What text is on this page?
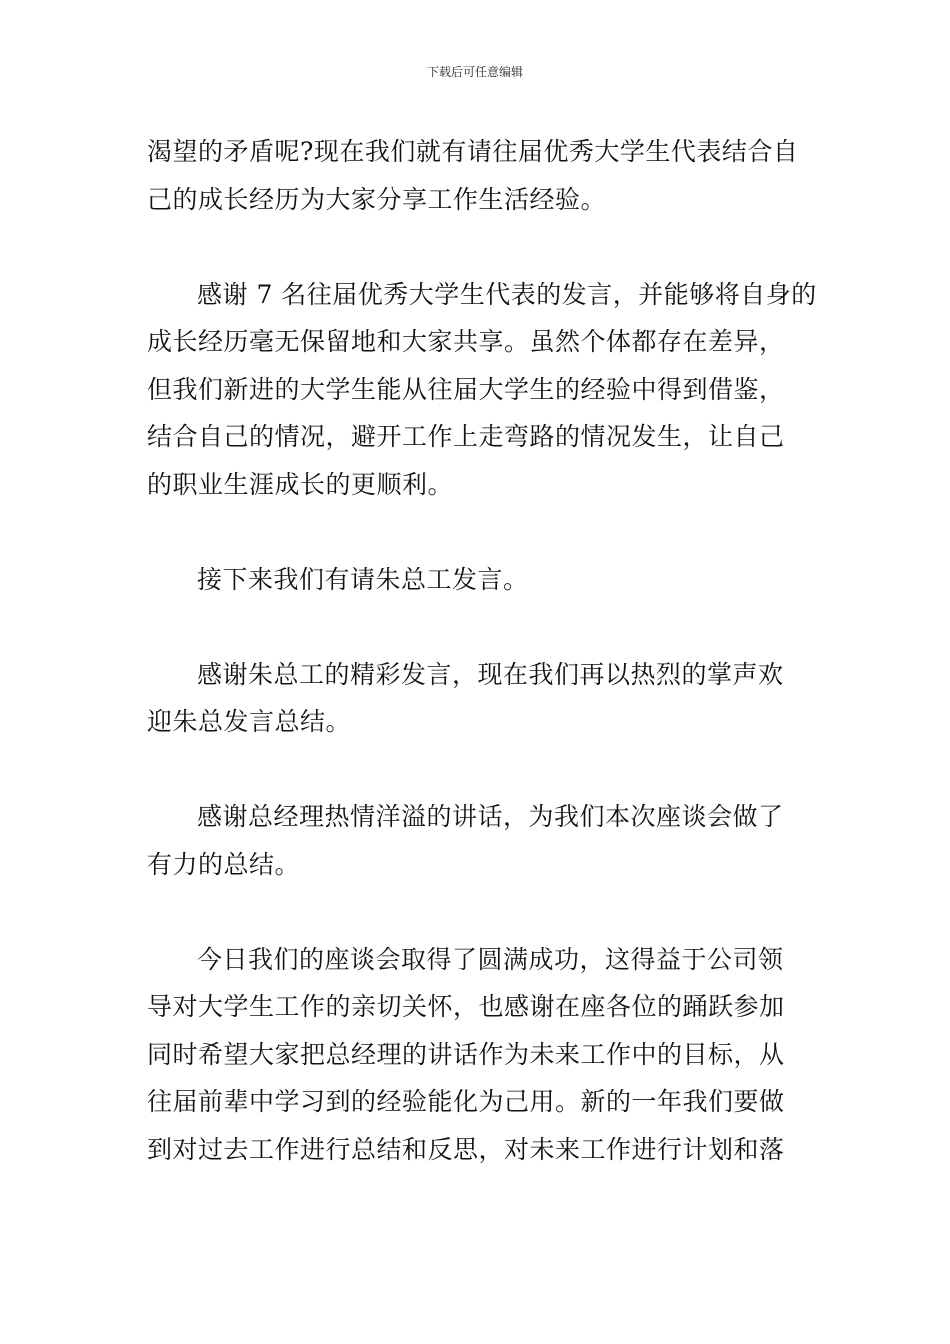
下载后可任意编辑

渴望的矛盾呢?现在我们就有请往届优秀大学生代表结合自
己的成长经历为大家分享工作生活经验。

感谢 7 名往届优秀大学生代表的发言，并能够将自身的
成长经历毫无保留地和大家共享。虽然个体都存在差异，
但我们新进的大学生能从往届大学生的经验中得到借鉴，
结合自己的情况，避开工作上走弯路的情况发生，让自己
的职业生涯成长的更顺利。

接下来我们有请朱总工发言。

感谢朱总工的精彩发言，现在我们再以热烈的掌声欢
迎朱总发言总结。

感谢总经理热情洋溢的讲话，为我们本次座谈会做了
有力的总结。

今日我们的座谈会取得了圆满成功，这得益于公司领
导对大学生工作的亲切关怀，也感谢在座各位的踊跃参加
同时希望大家把总经理的讲话作为未来工作中的目标，从
往届前辈中学习到的经验能化为己用。新的一年我们要做
到对过去工作进行总结和反思，对未来工作进行计划和落
